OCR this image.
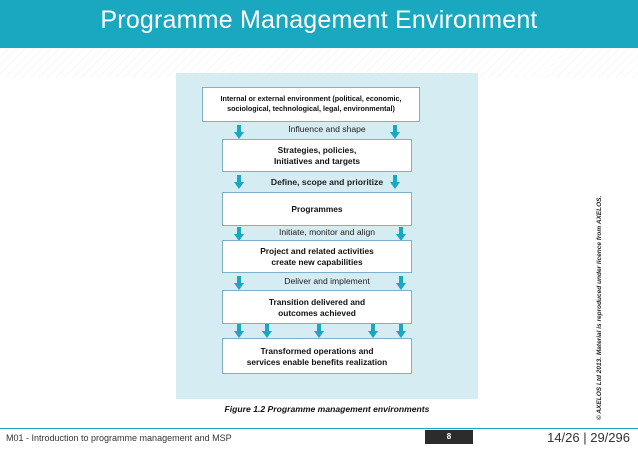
Programme Management Environment
Internal or external environment (political, economic, sociological, technological, legal, environmental)
Influence and shape
Strategies, policies,
Initiatives and targets
Define, scope and prioritize
Programmes
Initiate, monitor and align
Project and related activities
create new capabilities
Deliver and implement
Transition delivered and
outcomes achieved
Transformed operations and
services enable benefits realization
Figure 1.2 Programme management environments	© AXELOS Ltd 2013. Material is reproduced under licence from AXELOS.
M01 - Introduction to programme management and MSP	8	14/26 | 29/296
